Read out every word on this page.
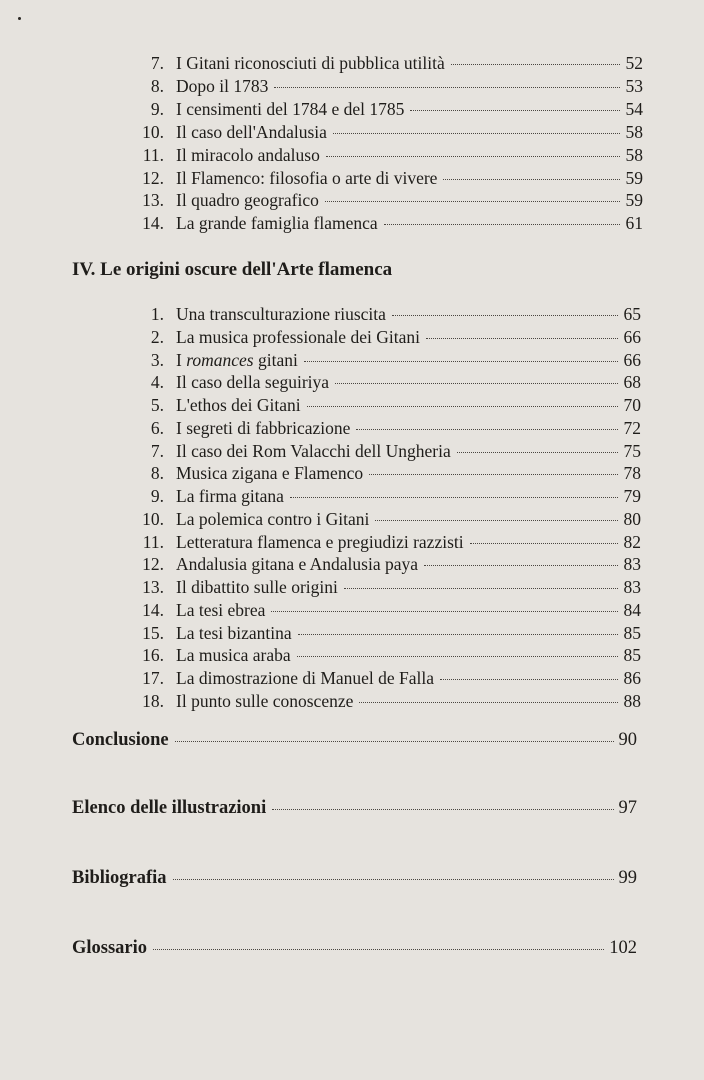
7. I Gitani riconosciuti di pubblica utilità	52
8. Dopo il 1783	53
9. I censimenti del 1784 e del 1785	54
10. Il caso dell'Andalusia	58
11. Il miracolo andaluso	58
12. Il Flamenco: filosofia o arte di vivere	59
13. Il quadro geografico	59
14. La grande famiglia flamenca	61
IV. Le origini oscure dell'Arte flamenca
1. Una transculturazione riuscita	65
2. La musica professionale dei Gitani	66
3. I romances gitani	66
4. Il caso della seguiriya	68
5. L'ethos dei Gitani	70
6. I segreti di fabbricazione	72
7. Il caso dei Rom Valacchi dell Ungheria	75
8. Musica zigana e Flamenco	78
9. La firma gitana	79
10. La polemica contro i Gitani	80
11. Letteratura flamenca e pregiudizi razzisti	82
12. Andalusia gitana e Andalusia paya	83
13. Il dibattito sulle origini	83
14. La tesi ebrea	84
15. La tesi bizantina	85
16. La musica araba	85
17. La dimostrazione di Manuel de Falla	86
18. Il punto sulle conoscenze	88
Conclusione	90
Elenco delle illustrazioni	97
Bibliografia	99
Glossario	102
